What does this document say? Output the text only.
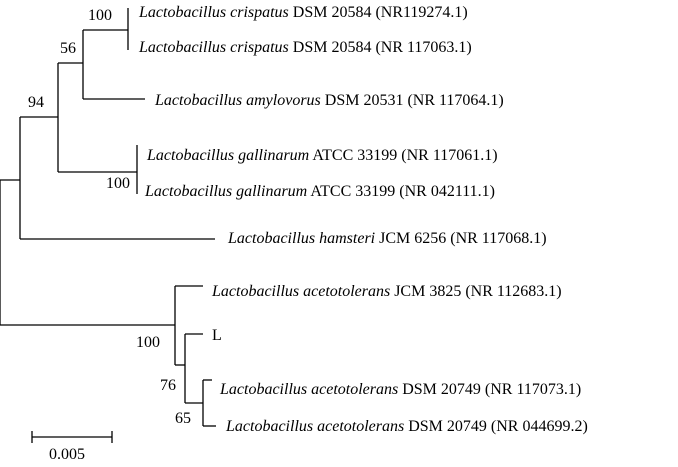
Lactobacillus crispatus DSM 20584 (NR119274.1)
Lactobacillus crispatus DSM 20584 (NR 117063.1)
Lactobacillus amylovorus DSM 20531 (NR 117064.1)
Lactobacillus gallinarum ATCC 33199 (NR 117061.1)
Lactobacillus gallinarum ATCC 33199 (NR 042111.1)
Lactobacillus hamsteri JCM 6256 (NR 117068.1)
Lactobacillus acetotolerans JCM 3825 (NR 112683.1)
L
Lactobacillus acetotolerans DSM 20749 (NR 117073.1)
Lactobacillus acetotolerans DSM 20749 (NR 044699.2)
100
56
94
100
100
76
65
0.005
